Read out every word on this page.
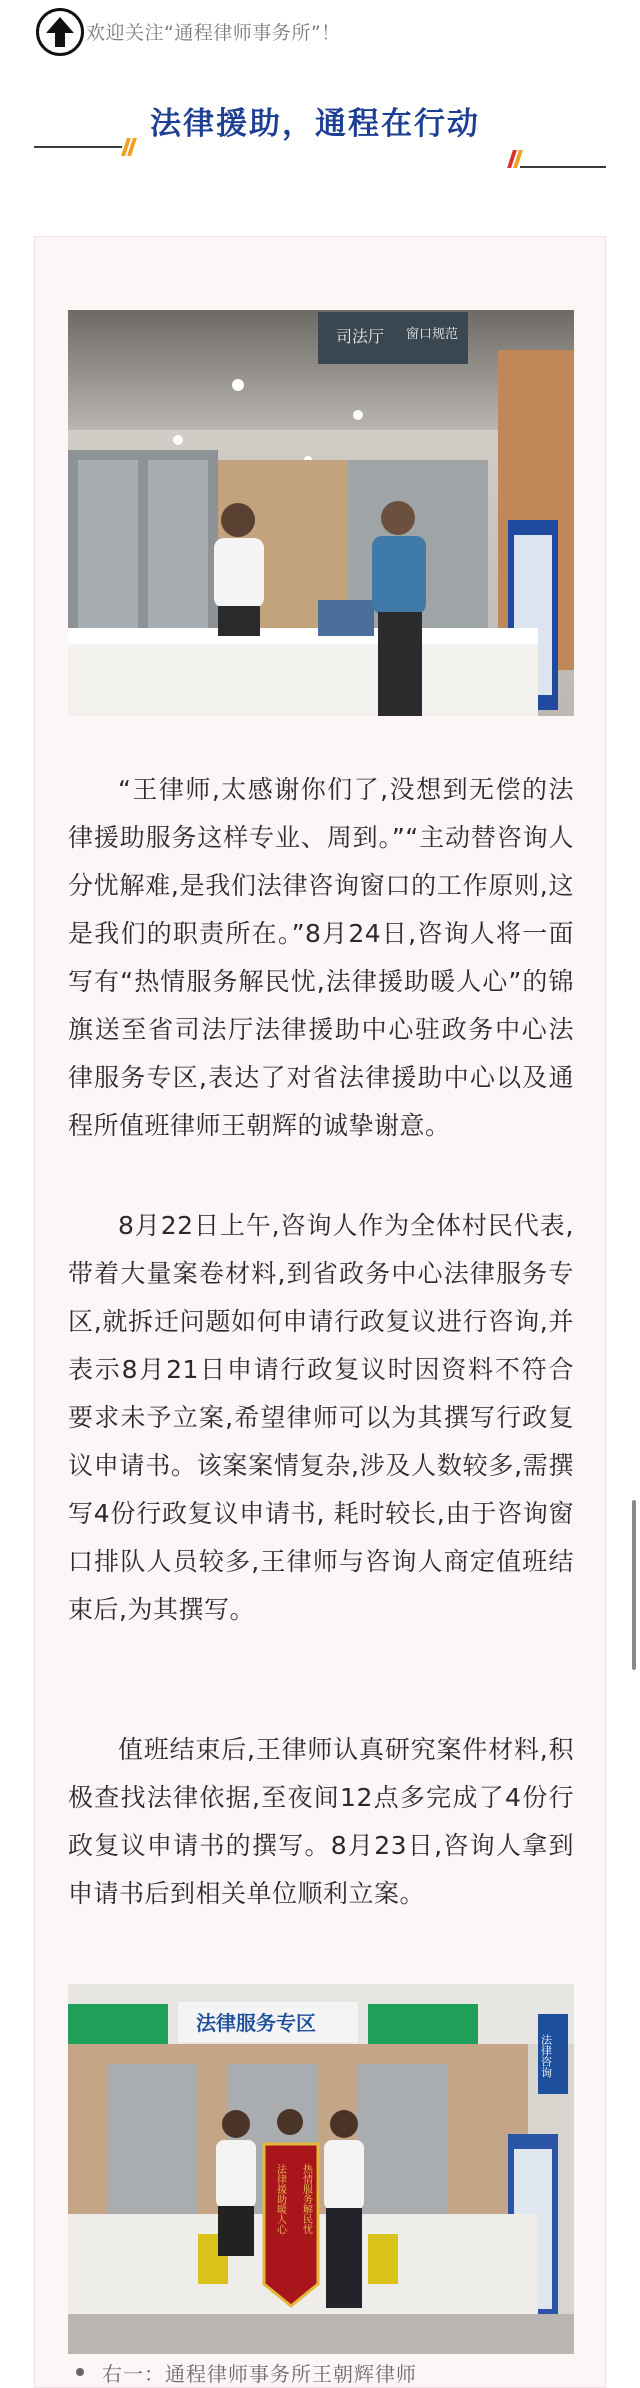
欢迎关注“通程律师事务所”！
法律援助，通程在行动
司法厅 窗口规范

“王律师,太感谢你们了,没想到无偿的法律援助服务这样专业、周到。”“主动替咨询人分忧解难,是我们法律咨询窗口的工作原则,这是我们的职责所在。”8月24日,咨询人将一面写有“热情服务解民忧,法律援助暖人心”的锦旗送至省司法厅法律援助中心驻政务中心法律服务专区,表达了对省法律援助中心以及通程所值班律师王朝辉的诚挚谢意。

8月22日上午,咨询人作为全体村民代表,带着大量案卷材料,到省政务中心法律服务专区,就拆迁问题如何申请行政复议进行咨询,并表示8月21日申请行政复议时因资料不符合要求未予立案,希望律师可以为其撰写行政复议申请书。该案案情复杂,涉及人数较多,需撰写4份行政复议申请书, 耗时较长,由于咨询窗口排队人员较多,王律师与咨询人商定值班结束后,为其撰写。

值班结束后,王律师认真研究案件材料,积极查找法律依据,至夜间12点多完成了4份行政复议申请书的撰写。8月23日,咨询人拿到申请书后到相关单位顺利立案。

法律服务专区
法律咨询
热情服务解民忧
法律援助暖人心
右一：通程律师事务所王朝辉律师
